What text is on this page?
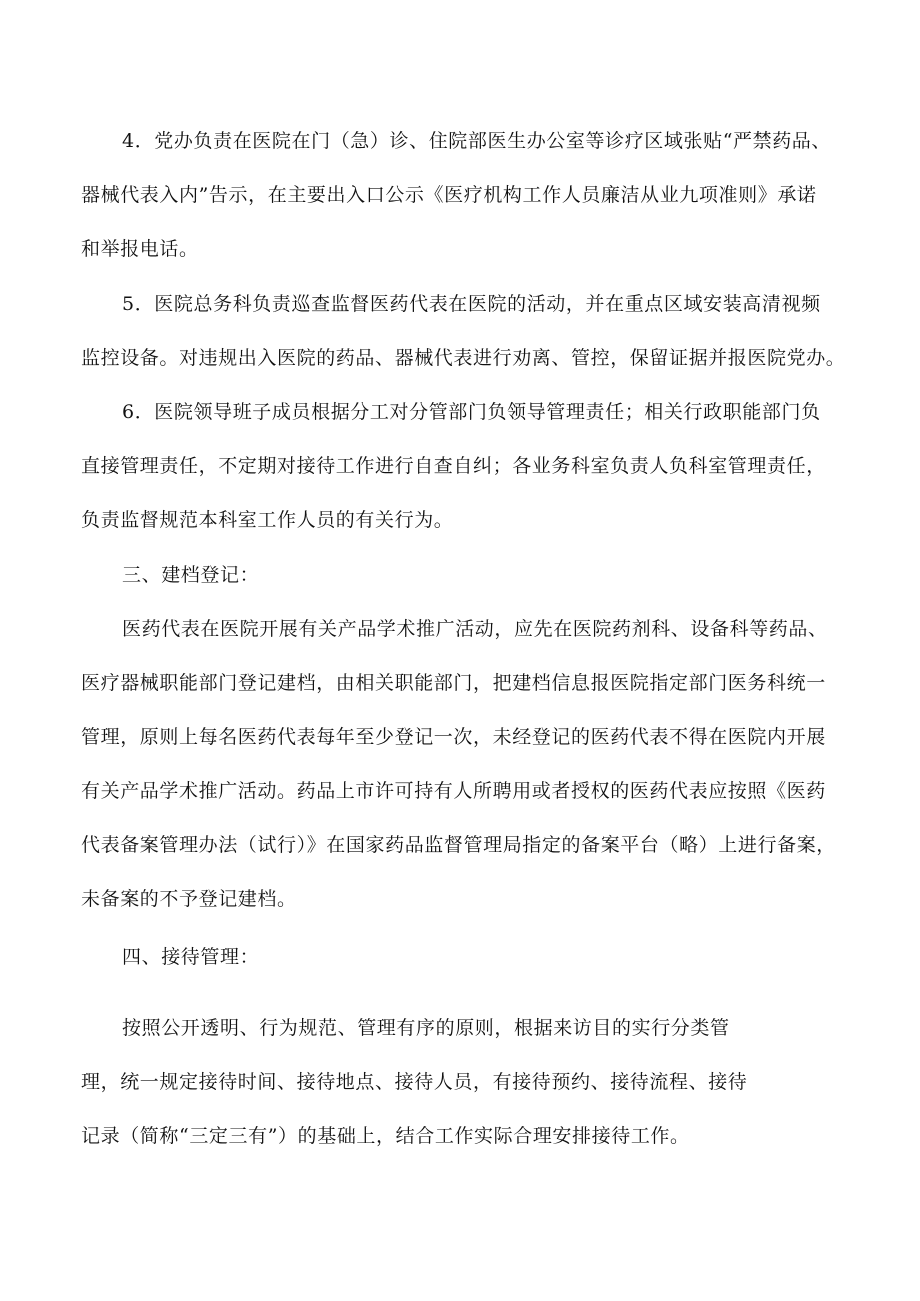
4．党办负责在医院在门（急）诊、住院部医生办公室等诊疗区域张贴“严禁药品、
器械代表入内”告示，在主要出入口公示《医疗机构工作人员廉洁从业九项准则》承诺
和举报电话。
5．医院总务科负责巡查监督医药代表在医院的活动，并在重点区域安装高清视频
监控设备。对违规出入医院的药品、器械代表进行劝离、管控，保留证据并报医院党办。
6．医院领导班子成员根据分工对分管部门负领导管理责任；相关行政职能部门负
直接管理责任，不定期对接待工作进行自查自纠；各业务科室负责人负科室管理责任，
负责监督规范本科室工作人员的有关行为。
三、建档登记：
医药代表在医院开展有关产品学术推广活动，应先在医院药剂科、设备科等药品、
医疗器械职能部门登记建档，由相关职能部门，把建档信息报医院指定部门医务科统一
管理，原则上每名医药代表每年至少登记一次，未经登记的医药代表不得在医院内开展
有关产品学术推广活动。药品上市许可持有人所聘用或者授权的医药代表应按照《医药
代表备案管理办法（试行）》在国家药品监督管理局指定的备案平台（略）上进行备案，
未备案的不予登记建档。
四、接待管理：
按照公开透明、行为规范、管理有序的原则，根据来访目的实行分类管
理，统一规定接待时间、接待地点、接待人员，有接待预约、接待流程、接待
记录（简称“三定三有”）的基础上，结合工作实际合理安排接待工作。
